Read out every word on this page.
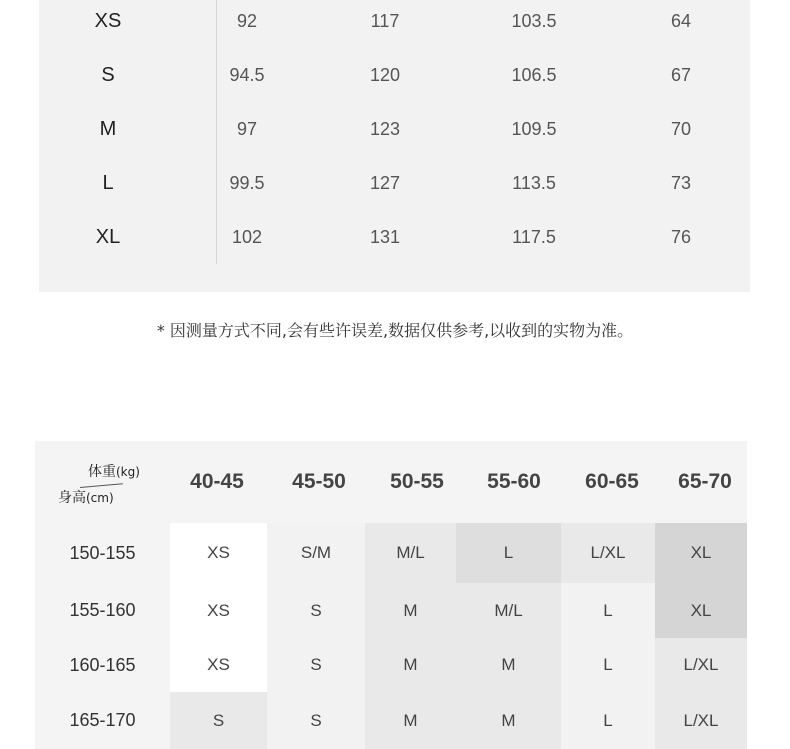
XS	92	117	103.5	64
S	94.5	120	106.5	67
M	97	123	109.5	70
L	99.5	127	113.5	73
XL	102	131	117.5	76
* 因测量方式不同,会有些许误差,数据仅供参考,以收到的实物为准。
体重(kg)
身高(cm)
40-45 45-50 50-55 55-60 60-65 65-70
150-155	XS	S/M	M/L	L	L/XL	XL
155-160	XS	S	M	M/L	L	XL
160-165	XS	S	M	M	L	L/XL
165-170	S	S	M	M	L	L/XL
